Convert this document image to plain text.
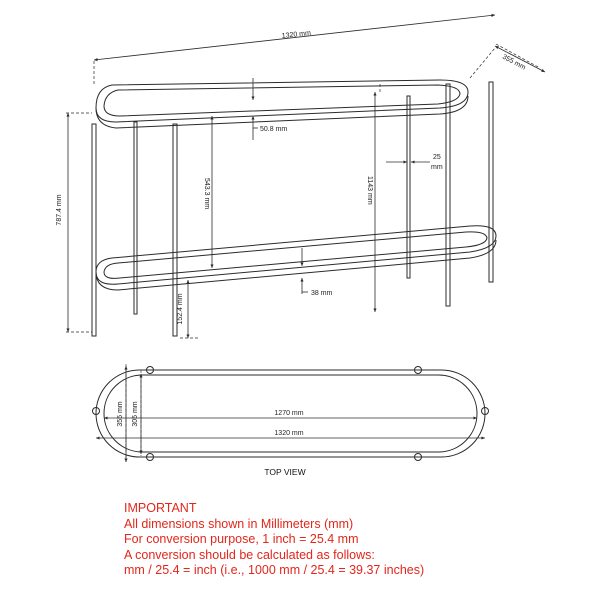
1320 mm
355 mm
50.8 mm
543.3 mm	1143 mm
787.4 mm
25
mm
38 mm
152.4 mm
1270 mm
1320 mm
355 mm 305 mm
TOP VIEW
IMPORTANT
All dimensions shown in Millimeters (mm)
For conversion purpose, 1 inch = 25.4 mm
A conversion should be calculated as follows:
mm / 25.4 = inch (i.e., 1000 mm / 25.4 = 39.37 inches)
